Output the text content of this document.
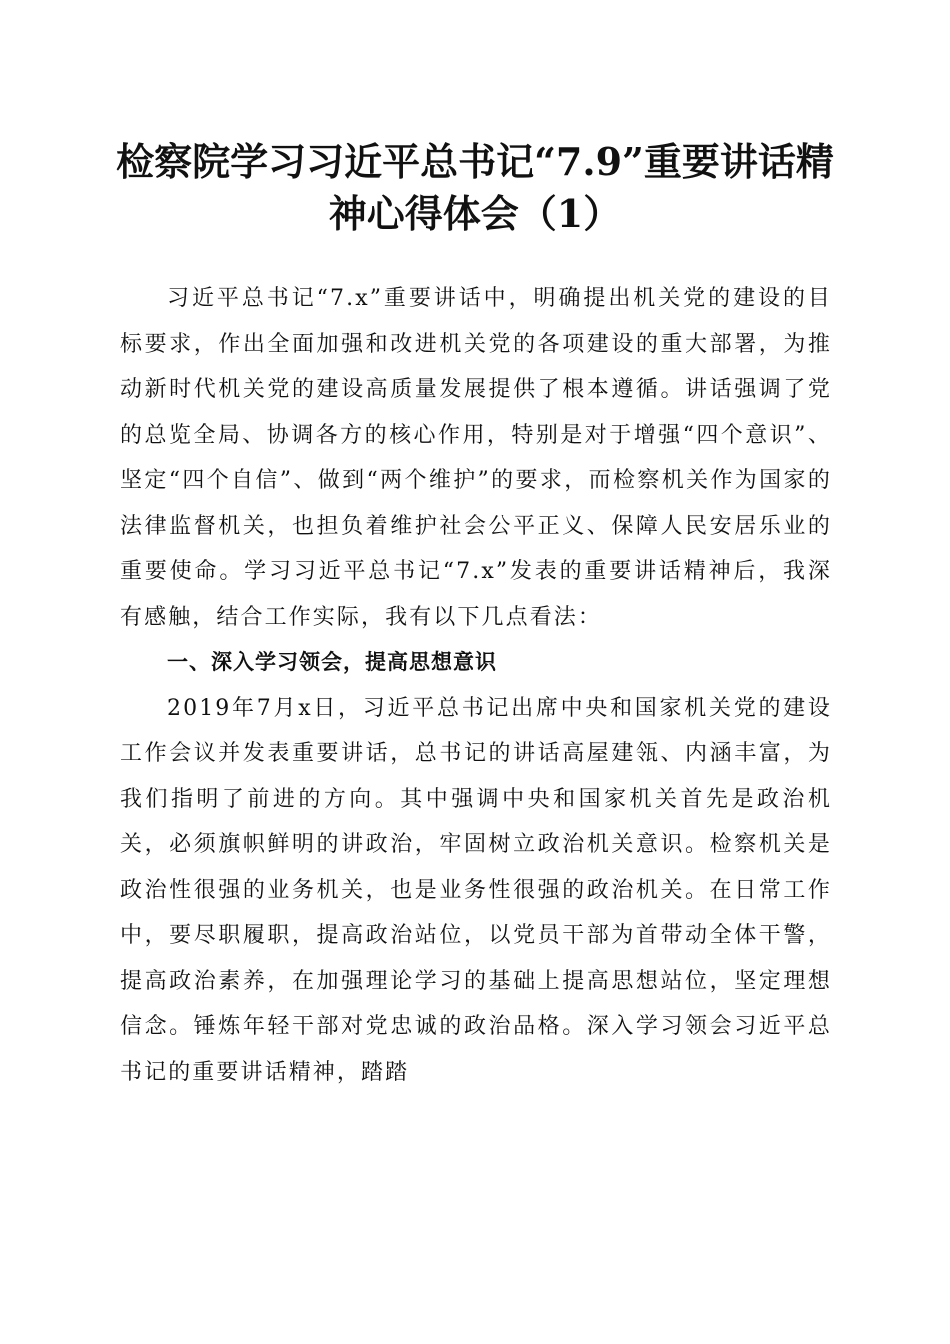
检察院学习习近平总书记“7.9”重要讲话精
神心得体会（1）

习近平总书记“7.x”重要讲话中，明确提出机关党的建设的目标要求，作出全面加强和改进机关党的各项建设的重大部署，为推动新时代机关党的建设高质量发展提供了根本遵循。讲话强调了党的总览全局、协调各方的核心作用，特别是对于增强“四个意识”、坚定“四个自信”、做到“两个维护”的要求，而检察机关作为国家的法律监督机关，也担负着维护社会公平正义、保障人民安居乐业的重要使命。学习习近平总书记“7.x”发表的重要讲话精神后，我深有感触，结合工作实际，我有以下几点看法：

一、深入学习领会，提高思想意识

2019年7月x日，习近平总书记出席中央和国家机关党的建设工作会议并发表重要讲话，总书记的讲话高屋建瓴、内涵丰富，为我们指明了前进的方向。其中强调中央和国家机关首先是政治机关，必须旗帜鲜明的讲政治，牢固树立政治机关意识。检察机关是政治性很强的业务机关，也是业务性很强的政治机关。在日常工作中，要尽职履职，提高政治站位，以党员干部为首带动全体干警，提高政治素养，在加强理论学习的基础上提高思想站位，坚定理想信念。锤炼年轻干部对党忠诚的政治品格。深入学习领会习近平总书记的重要讲话精神，踏踏
